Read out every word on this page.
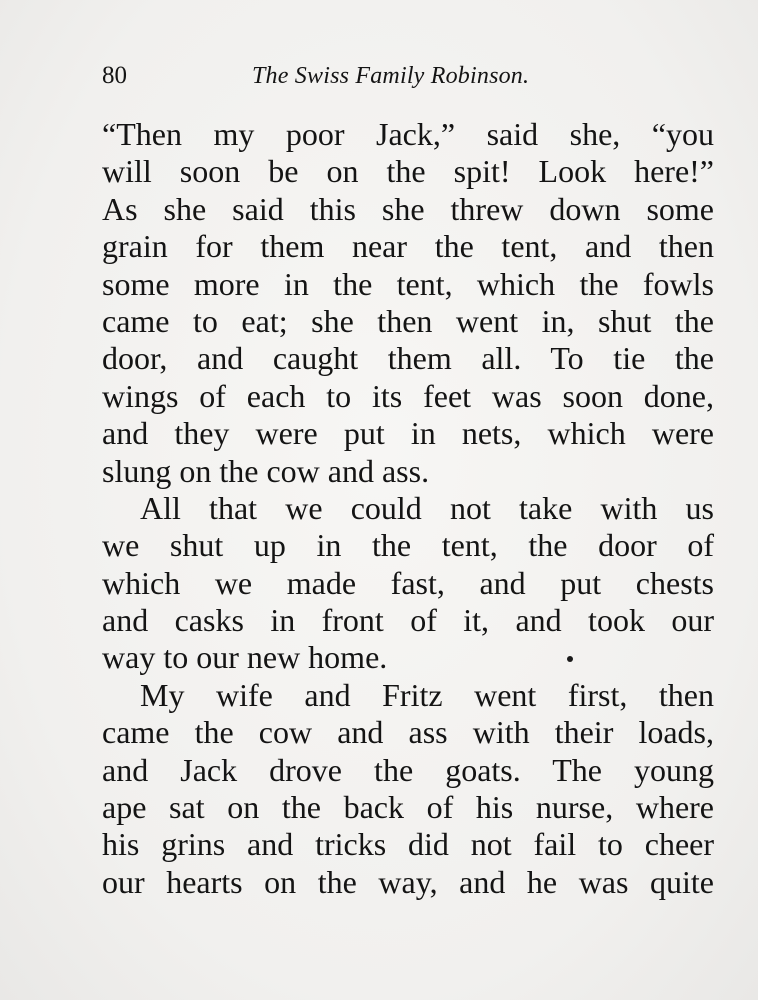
80	The Swiss Family Robinson.
“Then my poor Jack,” said she, “you
will soon be on the spit! Look here!”
As she said this she threw down some
grain for them near the tent, and then
some more in the tent, which the fowls
came to eat; she then went in, shut the
door, and caught them all. To tie the
wings of each to its feet was soon done,
and they were put in nets, which were
slung on the cow and ass.
All that we could not take with us
we shut up in the tent, the door of
which we made fast, and put chests
and casks in front of it, and took our
way to our new home.
My wife and Fritz went first, then
came the cow and ass with their loads,
and Jack drove the goats. The young
ape sat on the back of his nurse, where
his grins and tricks did not fail to cheer
our hearts on the way, and he was quite
